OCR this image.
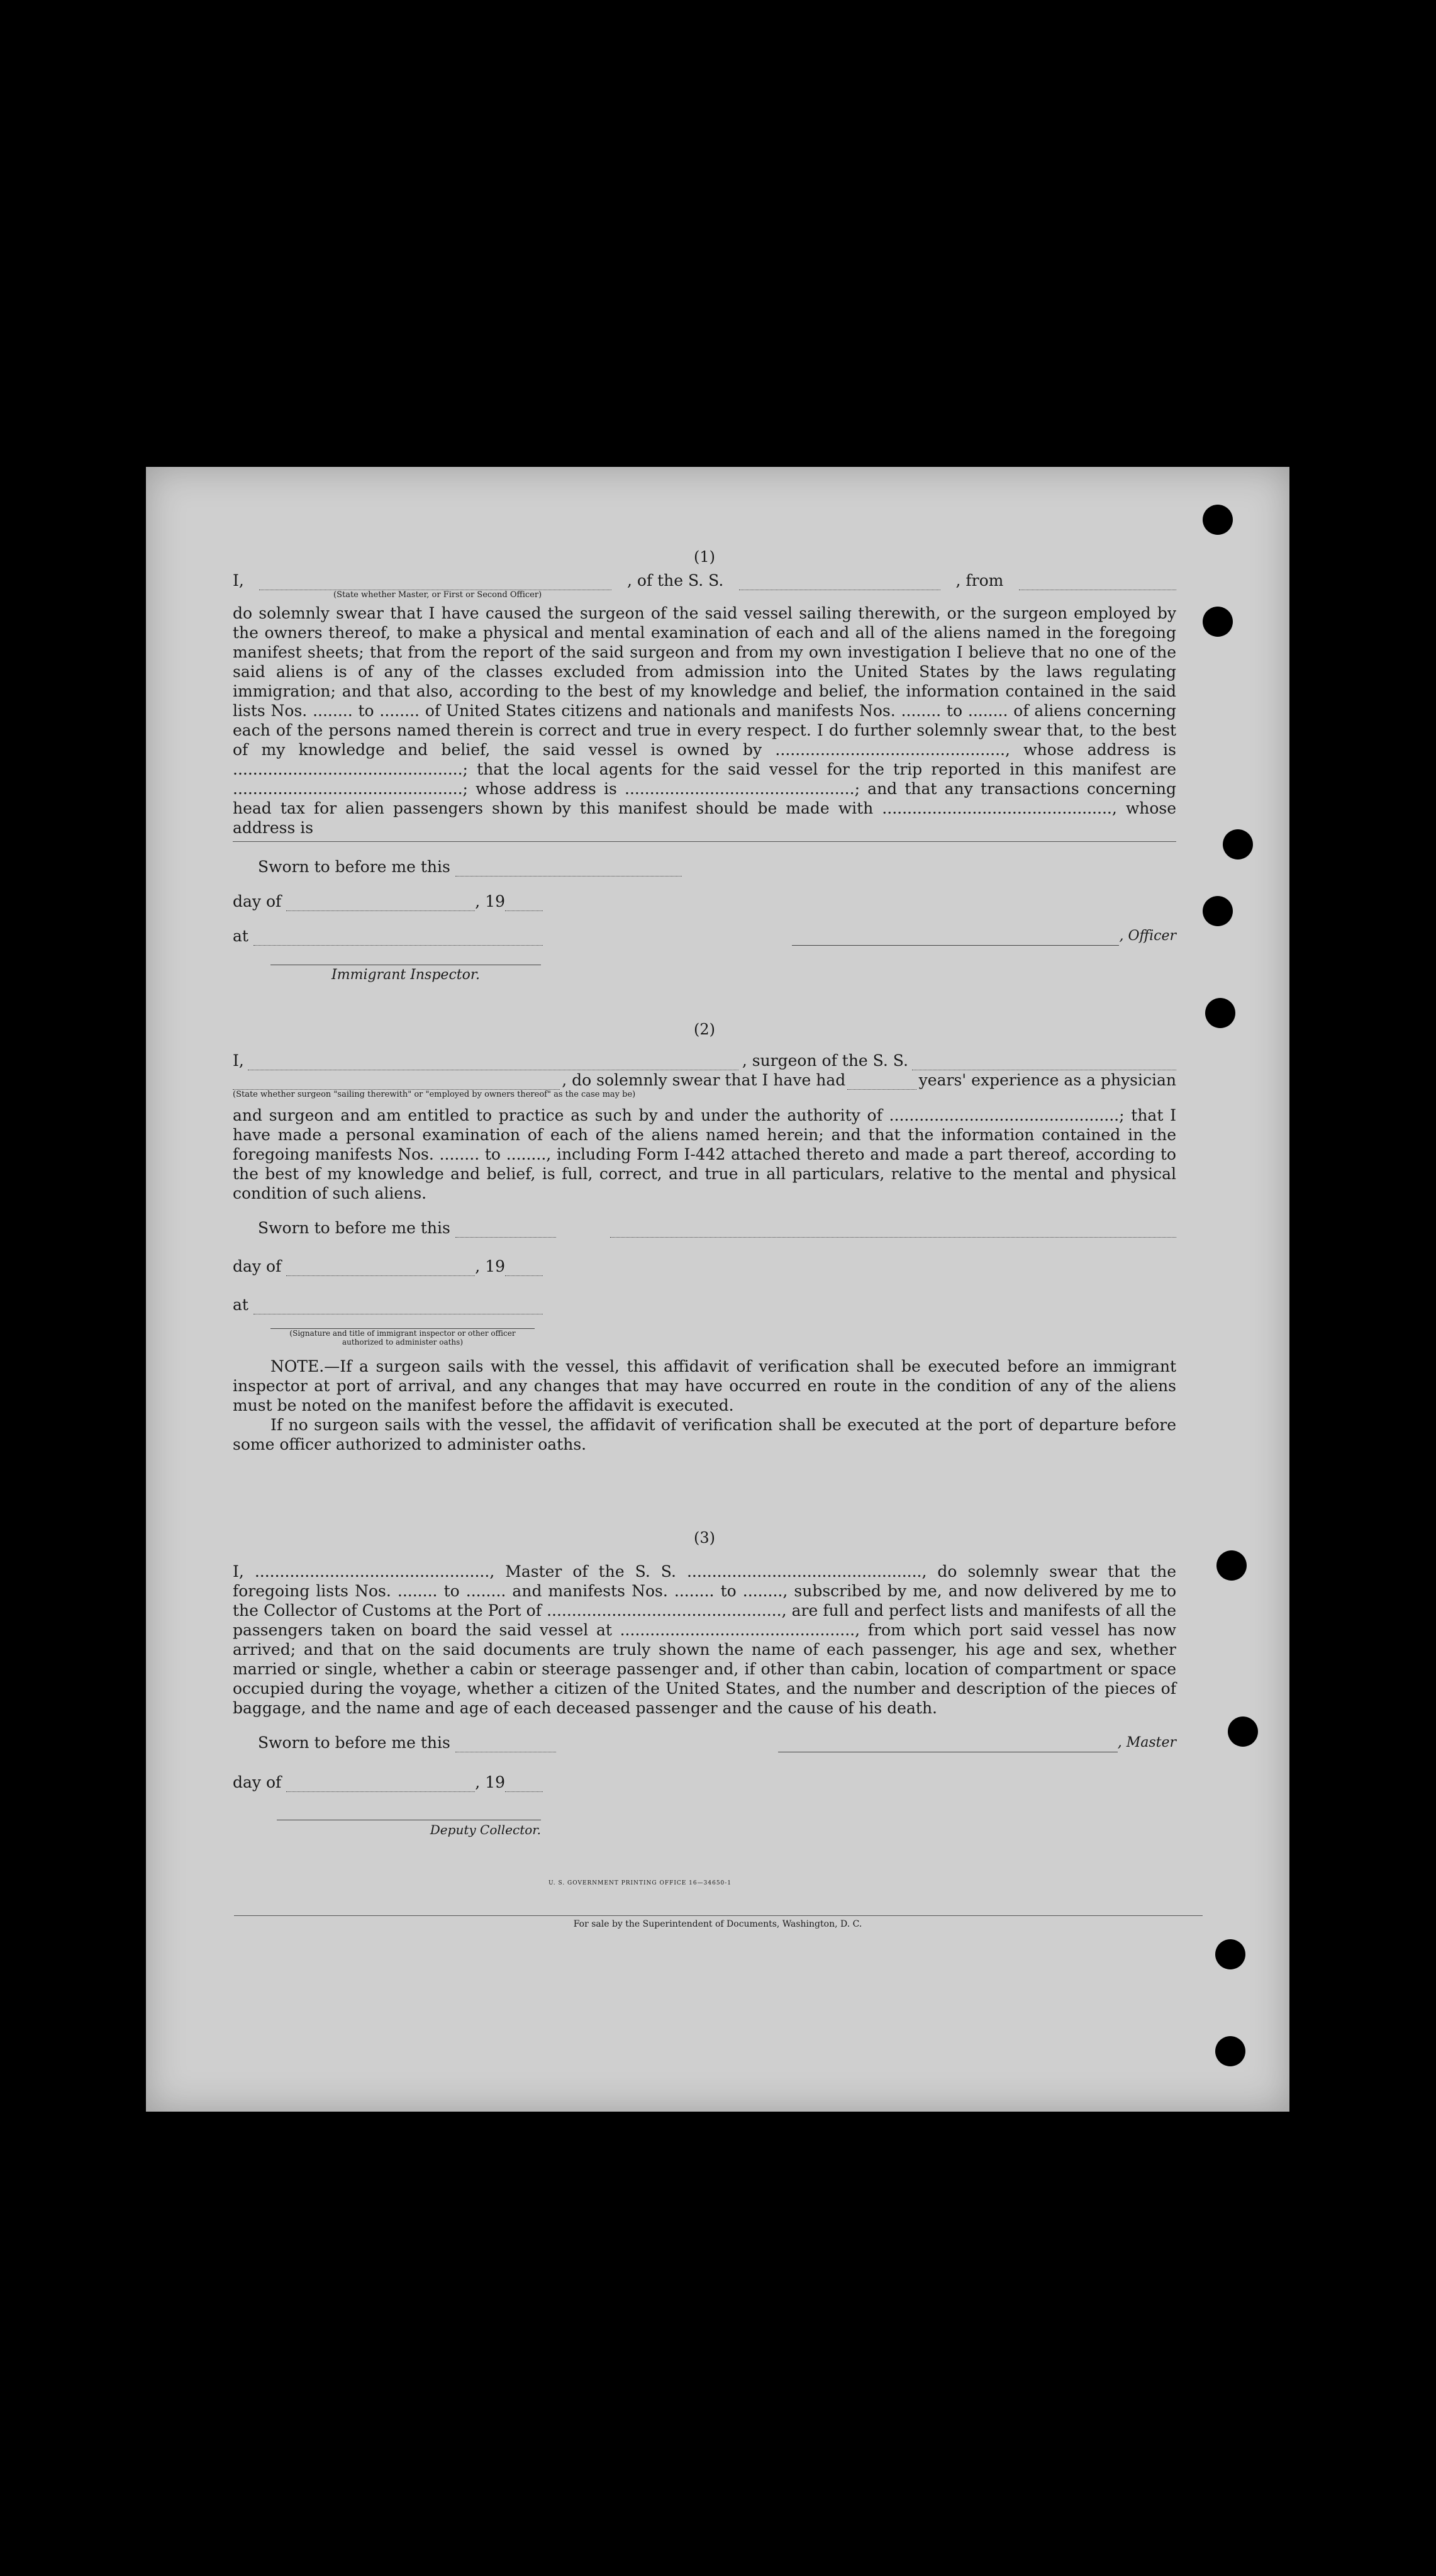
(1)
I,	, of the S. S.	, from
(State whether Master, or First or Second Officer)
do solemnly swear that I have caused the surgeon of the said vessel sailing therewith, or the surgeon employed by the owners thereof, to make a physical and mental examination of each and all of the aliens named in the foregoing manifest sheets; that from the report of the said surgeon and from my own investigation I believe that no one of the said aliens is of any of the classes excluded from admission into the United States by the laws regulating immigration; and that also, according to the best of my knowledge and belief, the information contained in the said lists Nos. ........ to ........ of United States citizens and nationals and manifests Nos. ........ to ........ of aliens concerning each of the persons named therein is correct and true in every respect. I do further solemnly swear that, to the best of my knowledge and belief, the said vessel is owned by .............................................., whose address is ..............................................; that the local agents for the said vessel for the trip reported in this manifest are ..............................................; whose address is ..............................................; and that any transactions concerning head tax for alien passengers shown by this manifest should be made with .............................................., whose address is
Sworn to before me this
day of	, 19
at	, Officer
Immigrant Inspector.
(2)
I,	, surgeon of the S. S.
, do solemnly swear that I have had	years' experience as a physician
(State whether surgeon "sailing therewith" or "employed by owners thereof" as the case may be)
and surgeon and am entitled to practice as such by and under the authority of ..............................................; that I have made a personal examination of each of the aliens named herein; and that the information contained in the foregoing manifests Nos. ........ to ........, including Form I-442 attached thereto and made a part thereof, according to the best of my knowledge and belief, is full, correct, and true in all particulars, relative to the mental and physical condition of such aliens.
Sworn to before me this
day of	, 19
at
(Signature and title of immigrant inspector or other officer authorized to administer oaths)
NOTE.—If a surgeon sails with the vessel, this affidavit of verification shall be executed before an immigrant inspector at port of arrival, and any changes that may have occurred en route in the condition of any of the aliens must be noted on the manifest before the affidavit is executed.
If no surgeon sails with the vessel, the affidavit of verification shall be executed at the port of departure before some officer authorized to administer oaths.
(3)
I, ..............................................., Master of the S. S. ..............................................., do solemnly swear that the foregoing lists Nos. ........ to ........ and manifests Nos. ........ to ........, subscribed by me, and now delivered by me to the Collector of Customs at the Port of ..............................................., are full and perfect lists and manifests of all the passengers taken on board the said vessel at ..............................................., from which port said vessel has now arrived; and that on the said documents are truly shown the name of each passenger, his age and sex, whether married or single, whether a cabin or steerage passenger and, if other than cabin, location of compartment or space occupied during the voyage, whether a citizen of the United States, and the number and description of the pieces of baggage, and the name and age of each deceased passenger and the cause of his death.
Sworn to before me this	, Master
day of	, 19
Deputy Collector.
U. S. GOVERNMENT PRINTING OFFICE 16—34650-1
For sale by the Superintendent of Documents, Washington, D. C.
